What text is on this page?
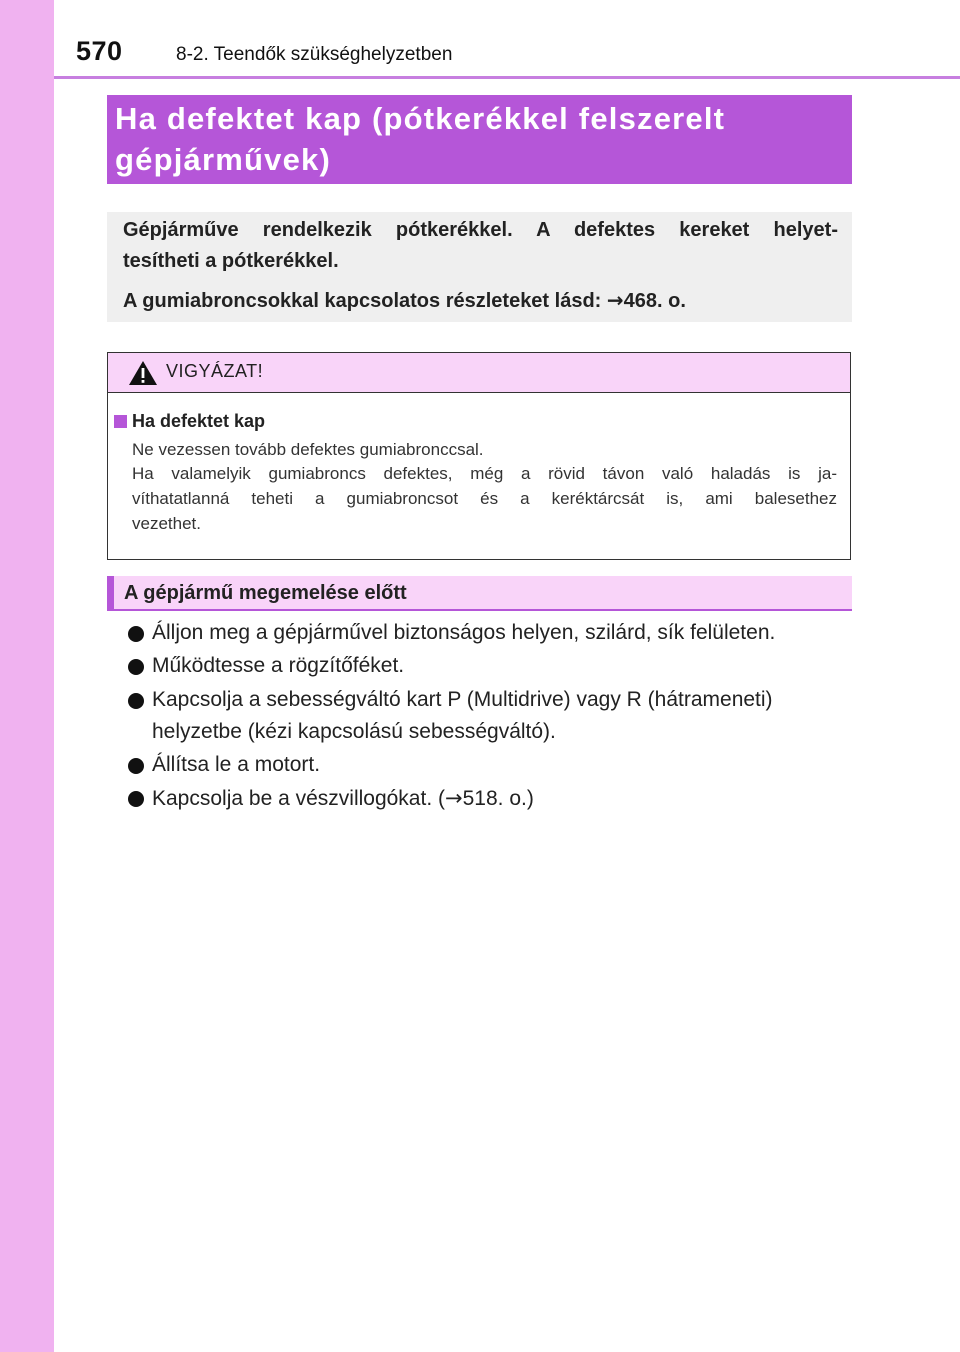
570	8-2. Teendők szükséghelyzetben
Ha defektet kap (pótkerékkel felszerelt
gépjárművek)
Gépjárműve rendelkezik pótkerékkel. A defektes kereket helyet-
tesítheti a pótkerékkel.
A gumiabroncsokkal kapcsolatos részleteket lásd: →468. o.
VIGYÁZAT!
Ha defektet kap
Ne vezessen tovább defektes gumiabronccsal.
Ha valamelyik gumiabroncs defektes, még a rövid távon való haladás is ja-
víthatatlanná teheti a gumiabroncsot és a keréktárcsát is, ami balesethez
vezethet.
A gépjármű megemelése előtt
Álljon meg a gépjárművel biztonságos helyen, szilárd, sík felületen.
Működtesse a rögzítőféket.
Kapcsolja a sebességváltó kart P (Multidrive) vagy R (hátrameneti)
helyzetbe (kézi kapcsolású sebességváltó).
Állítsa le a motort.
Kapcsolja be a vészvillogókat. (→518. o.)
